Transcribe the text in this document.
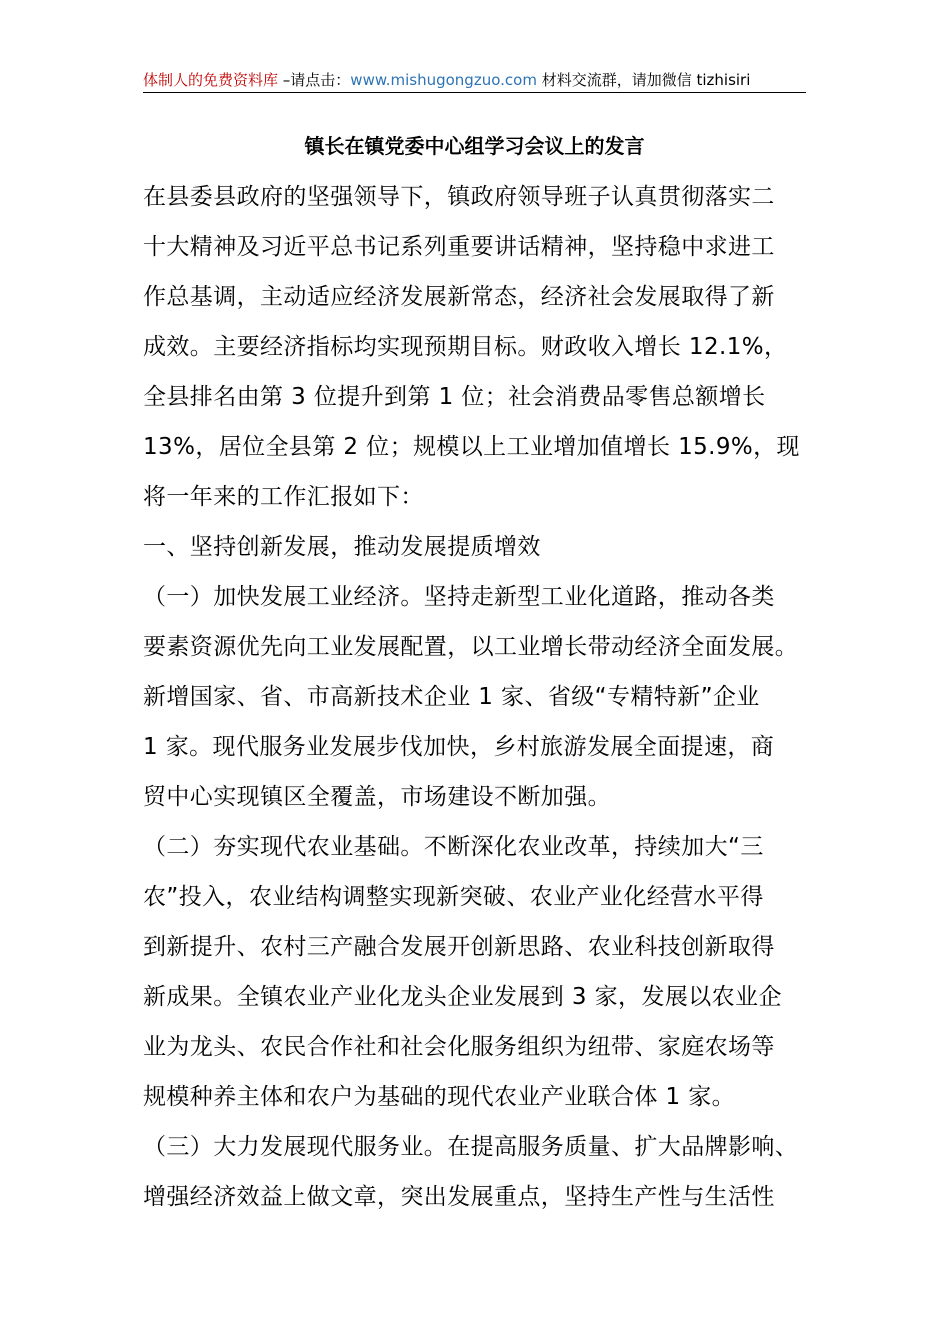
体制人的免费资料库 –请点击：www.mishugongzuo.com 材料交流群，请加微信 tizhisiri
镇长在镇党委中心组学习会议上的发言

在县委县政府的坚强领导下，镇政府领导班子认真贯彻落实二
十大精神及习近平总书记系列重要讲话精神，坚持稳中求进工
作总基调，主动适应经济发展新常态，经济社会发展取得了新
成效。主要经济指标均实现预期目标。财政收入增长 12.1%，
全县排名由第 3 位提升到第 1 位；社会消费品零售总额增长
13%，居位全县第 2 位；规模以上工业增加值增长 15.9%，现
将一年来的工作汇报如下：

一、坚持创新发展，推动发展提质增效

（一）加快发展工业经济。坚持走新型工业化道路，推动各类
要素资源优先向工业发展配置，以工业增长带动经济全面发展。
新增国家、省、市高新技术企业 1 家、省级“专精特新”企业
1 家。现代服务业发展步伐加快，乡村旅游发展全面提速，商
贸中心实现镇区全覆盖，市场建设不断加强。

（二）夯实现代农业基础。不断深化农业改革，持续加大“三
农”投入，农业结构调整实现新突破、农业产业化经营水平得
到新提升、农村三产融合发展开创新思路、农业科技创新取得
新成果。全镇农业产业化龙头企业发展到 3 家，发展以农业企
业为龙头、农民合作社和社会化服务组织为纽带、家庭农场等
规模种养主体和农户为基础的现代农业产业联合体 1 家。

（三）大力发展现代服务业。在提高服务质量、扩大品牌影响、
增强经济效益上做文章，突出发展重点，坚持生产性与生活性
